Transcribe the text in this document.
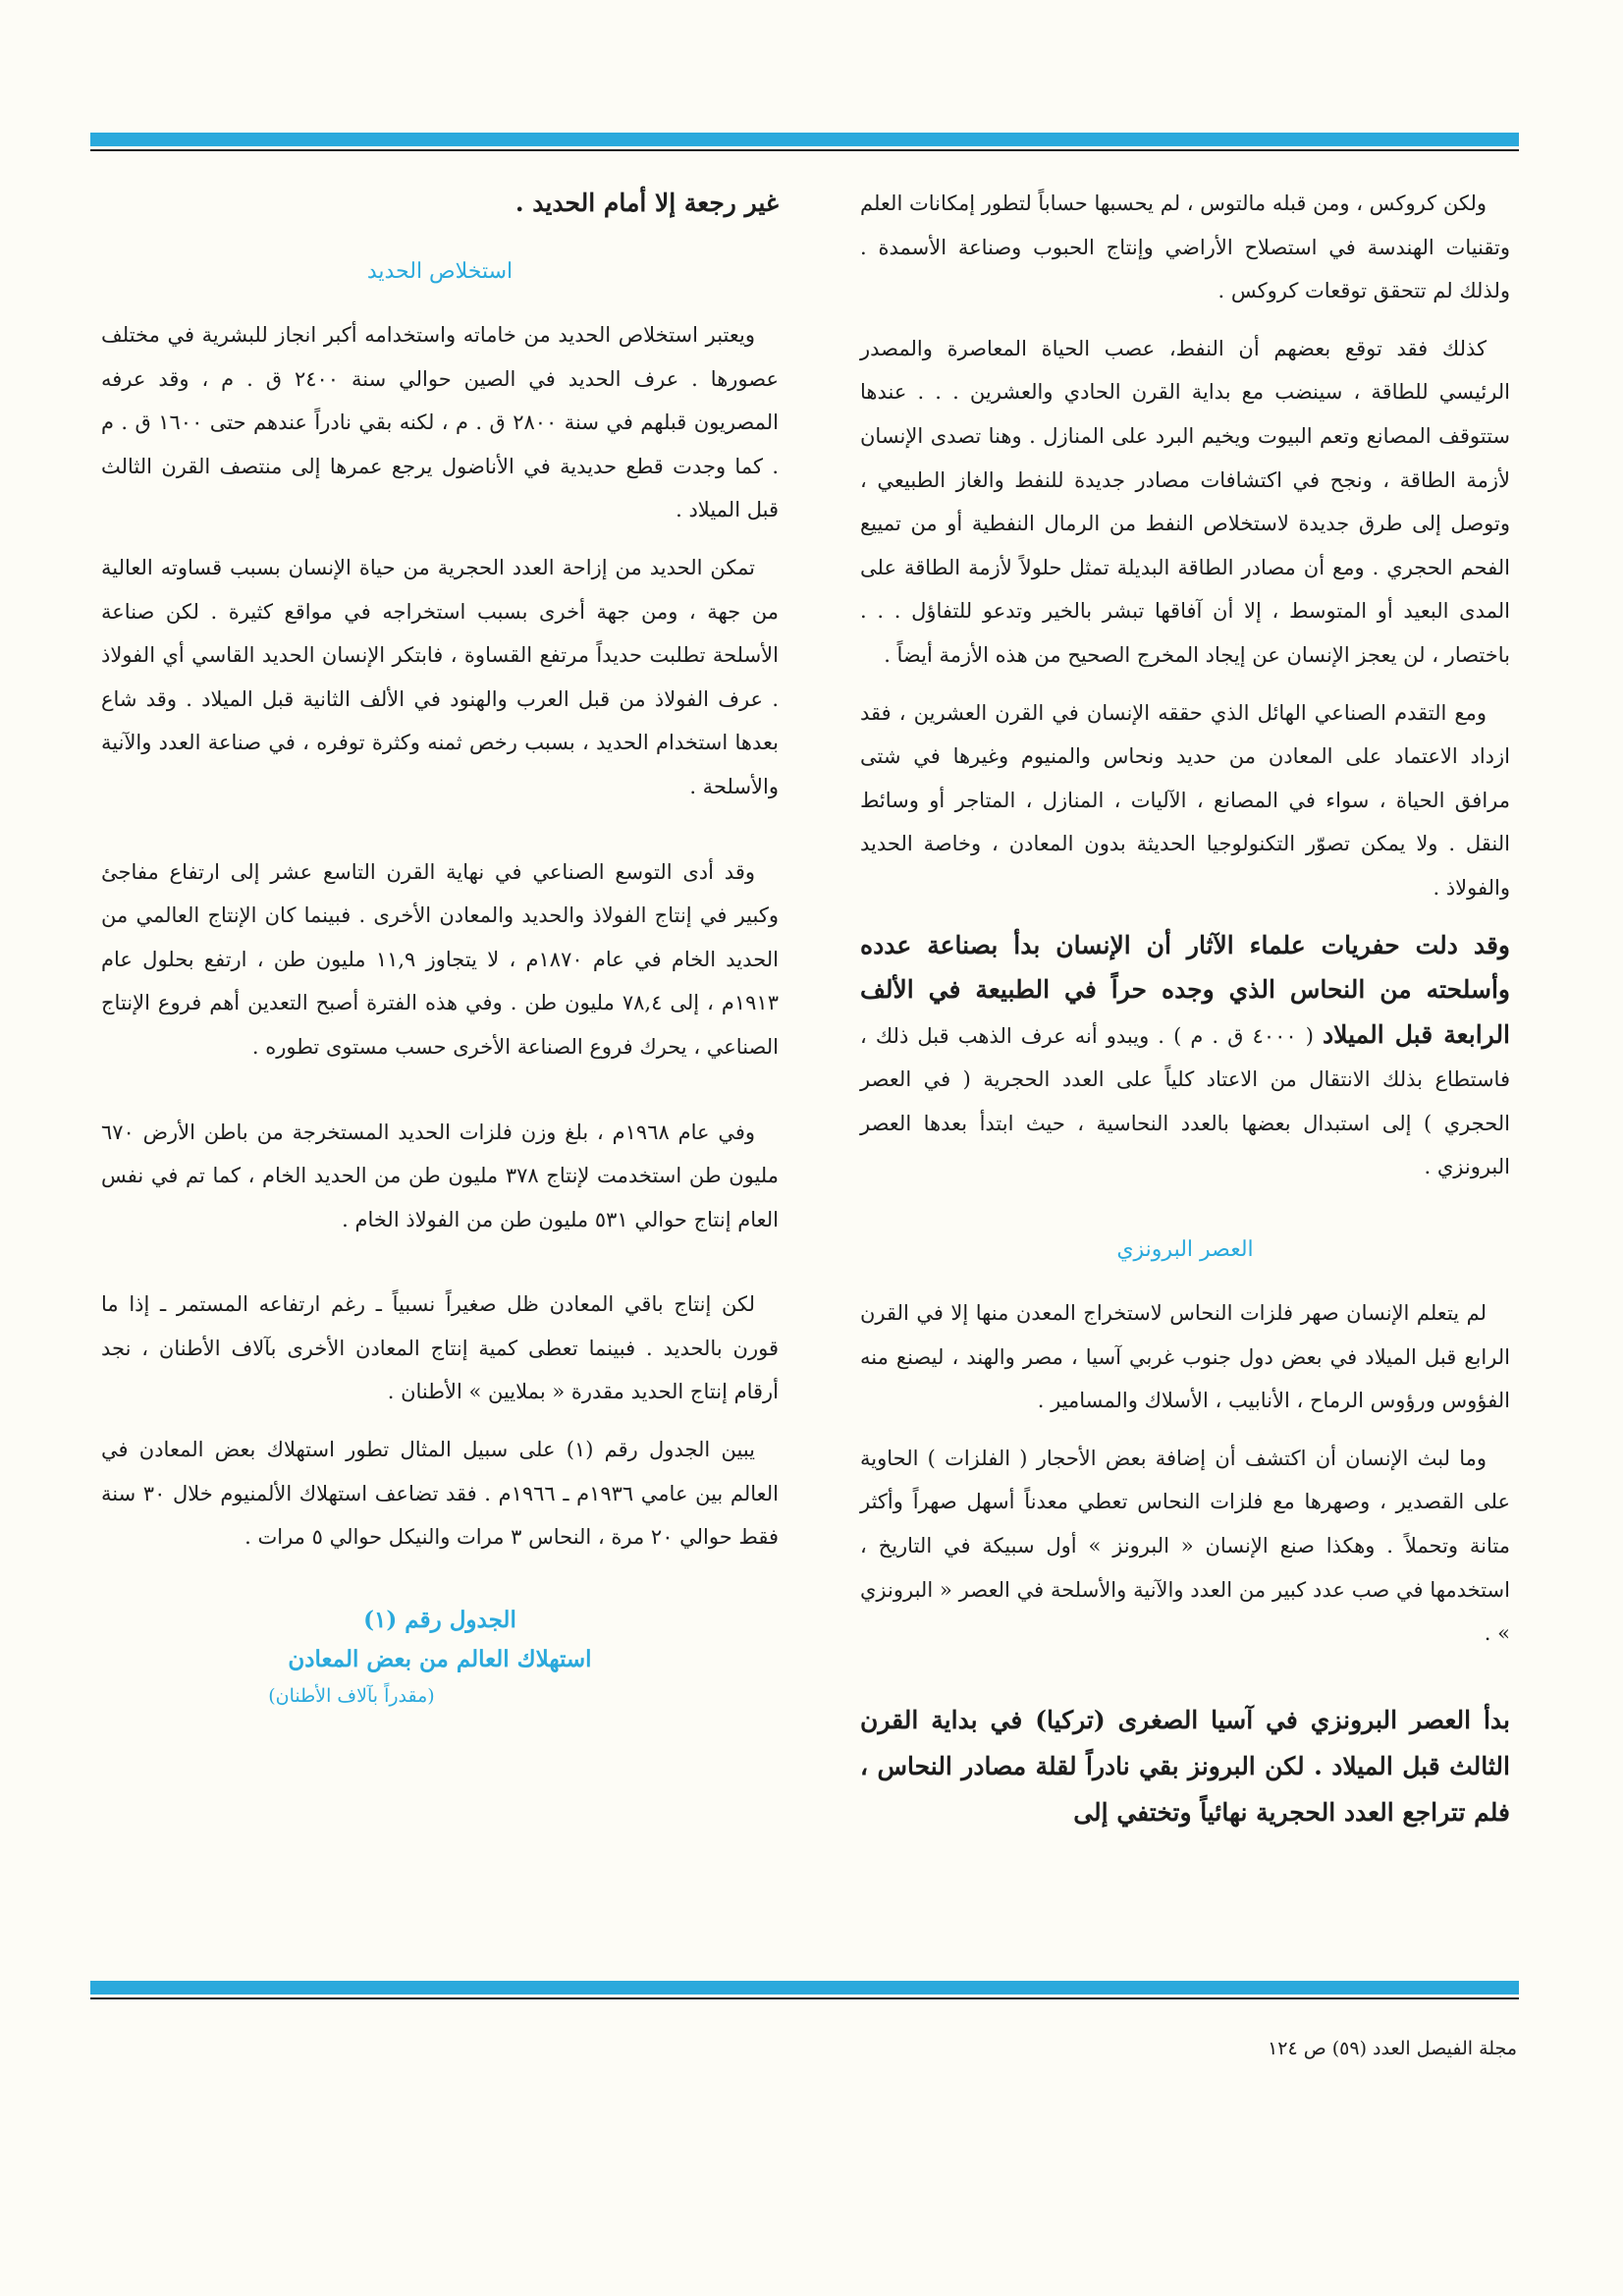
ولكن كروكس ، ومن قبله مالتوس ، لم يحسبها حساباً لتطور إمكانات العلم وتقنيات الهندسة في استصلاح الأراضي وإنتاج الحبوب وصناعة الأسمدة . ولذلك لم تتحقق توقعات كروكس .

كذلك فقد توقع بعضهم أن النفط، عصب الحياة المعاصرة والمصدر الرئيسي للطاقة ، سينضب مع بداية القرن الحادي والعشرين . . . عندها ستتوقف المصانع وتعم البيوت ويخيم البرد على المنازل . وهنا تصدى الإنسان لأزمة الطاقة ، ونجح في اكتشافات مصادر جديدة للنفط والغاز الطبيعي ، وتوصل إلى طرق جديدة لاستخلاص النفط من الرمال النفطية أو من تمييع الفحم الحجري . ومع أن مصادر الطاقة البديلة تمثل حلولاً لأزمة الطاقة على المدى البعيد أو المتوسط ، إلا أن آفاقها تبشر بالخير وتدعو للتفاؤل . . . باختصار ، لن يعجز الإنسان عن إيجاد المخرج الصحيح من هذه الأزمة أيضاً .

ومع التقدم الصناعي الهائل الذي حققه الإنسان في القرن العشرين ، فقد ازداد الاعتماد على المعادن من حديد ونحاس والمنيوم وغيرها في شتى مرافق الحياة ، سواء في المصانع ، الآليات ، المنازل ، المتاجر أو وسائط النقل . ولا يمكن تصوّر التكنولوجيا الحديثة بدون المعادن ، وخاصة الحديد والفولاذ .

وقد دلت حفريات علماء الآثار أن الإنسان بدأ بصناعة عدده وأسلحته من النحاس الذي وجده حراً في الطبيعة في الألف الرابعة قبل الميلاد ( ٤٠٠٠ ق . م ) . ويبدو أنه عرف الذهب قبل ذلك ، فاستطاع بذلك الانتقال من الاعتاد كلياً على العدد الحجرية ( في العصر الحجري ) إلى استبدال بعضها بالعدد النحاسية ، حيث ابتدأ بعدها العصر البرونزي .

العصر البرونزي

لم يتعلم الإنسان صهر فلزات النحاس لاستخراج المعدن منها إلا في القرن الرابع قبل الميلاد في بعض دول جنوب غربي آسيا ، مصر والهند ، ليصنع منه الفؤوس ورؤوس الرماح ، الأنابيب ، الأسلاك والمسامير .

وما لبث الإنسان أن اكتشف أن إضافة بعض الأحجار ( الفلزات ) الحاوية على القصدير ، وصهرها مع فلزات النحاس تعطي معدناً أسهل صهراً وأكثر متانة وتحملاً . وهكذا صنع الإنسان « البرونز » أول سبيكة في التاريخ ، استخدمها في صب عدد كبير من العدد والآنية والأسلحة في العصر « البرونزي » .

بدأ العصر البرونزي في آسيا الصغرى (تركيا) في بداية القرن الثالث قبل الميلاد . لكن البرونز بقي نادراً لقلة مصادر النحاس ، فلم تتراجع العدد الحجرية نهائياً وتختفي إلى

غير رجعة إلا أمام الحديد .

استخلاص الحديد

ويعتبر استخلاص الحديد من خاماته واستخدامه أكبر انجاز للبشرية في مختلف عصورها . عرف الحديد في الصين حوالي سنة ٢٤٠٠ ق . م ، وقد عرفه المصريون قبلهم في سنة ٢٨٠٠ ق . م ، لكنه بقي نادراً عندهم حتى ١٦٠٠ ق . م . كما وجدت قطع حديدية في الأناضول يرجع عمرها إلى منتصف القرن الثالث قبل الميلاد .

تمكن الحديد من إزاحة العدد الحجرية من حياة الإنسان بسبب قساوته العالية من جهة ، ومن جهة أخرى بسبب استخراجه في مواقع كثيرة . لكن صناعة الأسلحة تطلبت حديداً مرتفع القساوة ، فابتكر الإنسان الحديد القاسي أي الفولاذ . عرف الفولاذ من قبل العرب والهنود في الألف الثانية قبل الميلاد . وقد شاع بعدها استخدام الحديد ، بسبب رخص ثمنه وكثرة توفره ، في صناعة العدد والآنية والأسلحة .

وقد أدى التوسع الصناعي في نهاية القرن التاسع عشر إلى ارتفاع مفاجئ وكبير في إنتاج الفولاذ والحديد والمعادن الأخرى . فبينما كان الإنتاج العالمي من الحديد الخام في عام ١٨٧٠م ، لا يتجاوز ١١,٩ مليون طن ، ارتفع بحلول عام ١٩١٣م ، إلى ٧٨,٤ مليون طن . وفي هذه الفترة أصبح التعدين أهم فروع الإنتاج الصناعي ، يحرك فروع الصناعة الأخرى حسب مستوى تطوره .

وفي عام ١٩٦٨م ، بلغ وزن فلزات الحديد المستخرجة من باطن الأرض ٦٧٠ مليون طن استخدمت لإنتاج ٣٧٨ مليون طن من الحديد الخام ، كما تم في نفس العام إنتاج حوالي ٥٣١ مليون طن من الفولاذ الخام .

لكن إنتاج باقي المعادن ظل صغيراً نسبياً ـ رغم ارتفاعه المستمر ـ إذا ما قورن بالحديد . فبينما تعطى كمية إنتاج المعادن الأخرى بآلاف الأطنان ، نجد أرقام إنتاج الحديد مقدرة « بملايين » الأطنان .

يبين الجدول رقم (١) على سبيل المثال تطور استهلاك بعض المعادن في العالم بين عامي ١٩٣٦م ـ ١٩٦٦م . فقد تضاعف استهلاك الألمنيوم خلال ٣٠ سنة فقط حوالي ٢٠ مرة ، النحاس ٣ مرات والنيكل حوالي ٥ مرات .

الجدول رقم (١)
استهلاك العالم من بعض المعادن
(مقدراً بآلاف الأطنان)
مجلة الفيصل العدد (٥٩) ص ١٢٤
